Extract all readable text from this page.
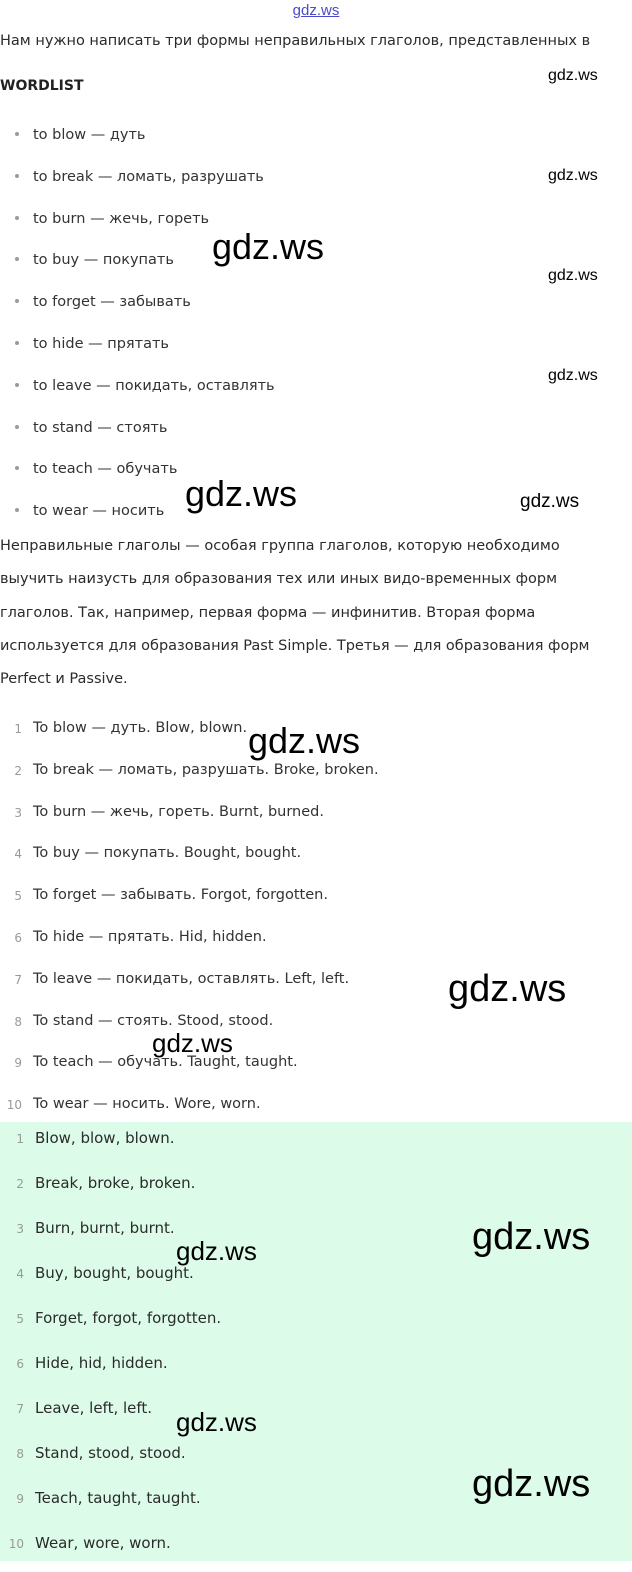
gdz.ws
Нам нужно написать три формы неправильных глаголов, представленных в
WORDLIST
to blow — дуть
to break — ломать, разрушать
to burn — жечь, гореть
to buy — покупать
to forget — забывать
to hide — прятать
to leave — покидать, оставлять
to stand — стоять
to teach — обучать
to wear — носить
Неправильные глаголы — особая группа глаголов, которую необходимо выучить наизусть для образования тех или иных видо-временных форм глаголов. Так, например, первая форма — инфинитив. Вторая форма используется для образования Past Simple. Третья — для образования форм Perfect и Passive.
1 To blow — дуть. Blow, blown.
2 To break — ломать, разрушать. Broke, broken.
3 To burn — жечь, гореть. Burnt, burned.
4 To buy — покупать. Bought, bought.
5 To forget — забывать. Forgot, forgotten.
6 To hide — прятать. Hid, hidden.
7 To leave — покидать, оставлять. Left, left.
8 To stand — стоять. Stood, stood.
9 To teach — обучать. Taught, taught.
10 To wear — носить. Wore, worn.
1 Blow, blow, blown.
2 Break, broke, broken.
3 Burn, burnt, burnt.
4 Buy, bought, bought.
5 Forget, forgot, forgotten.
6 Hide, hid, hidden.
7 Leave, left, left.
8 Stand, stood, stood.
9 Teach, taught, taught.
10 Wear, wore, worn.
gdz.ws
gdz.ws
gdz.ws
gdz.ws
gdz.ws
gdz.ws	gdz.ws
gdz.ws
gdz.ws
gdz.ws
gdz.ws
gdz.ws
gdz.ws
gdz.ws
